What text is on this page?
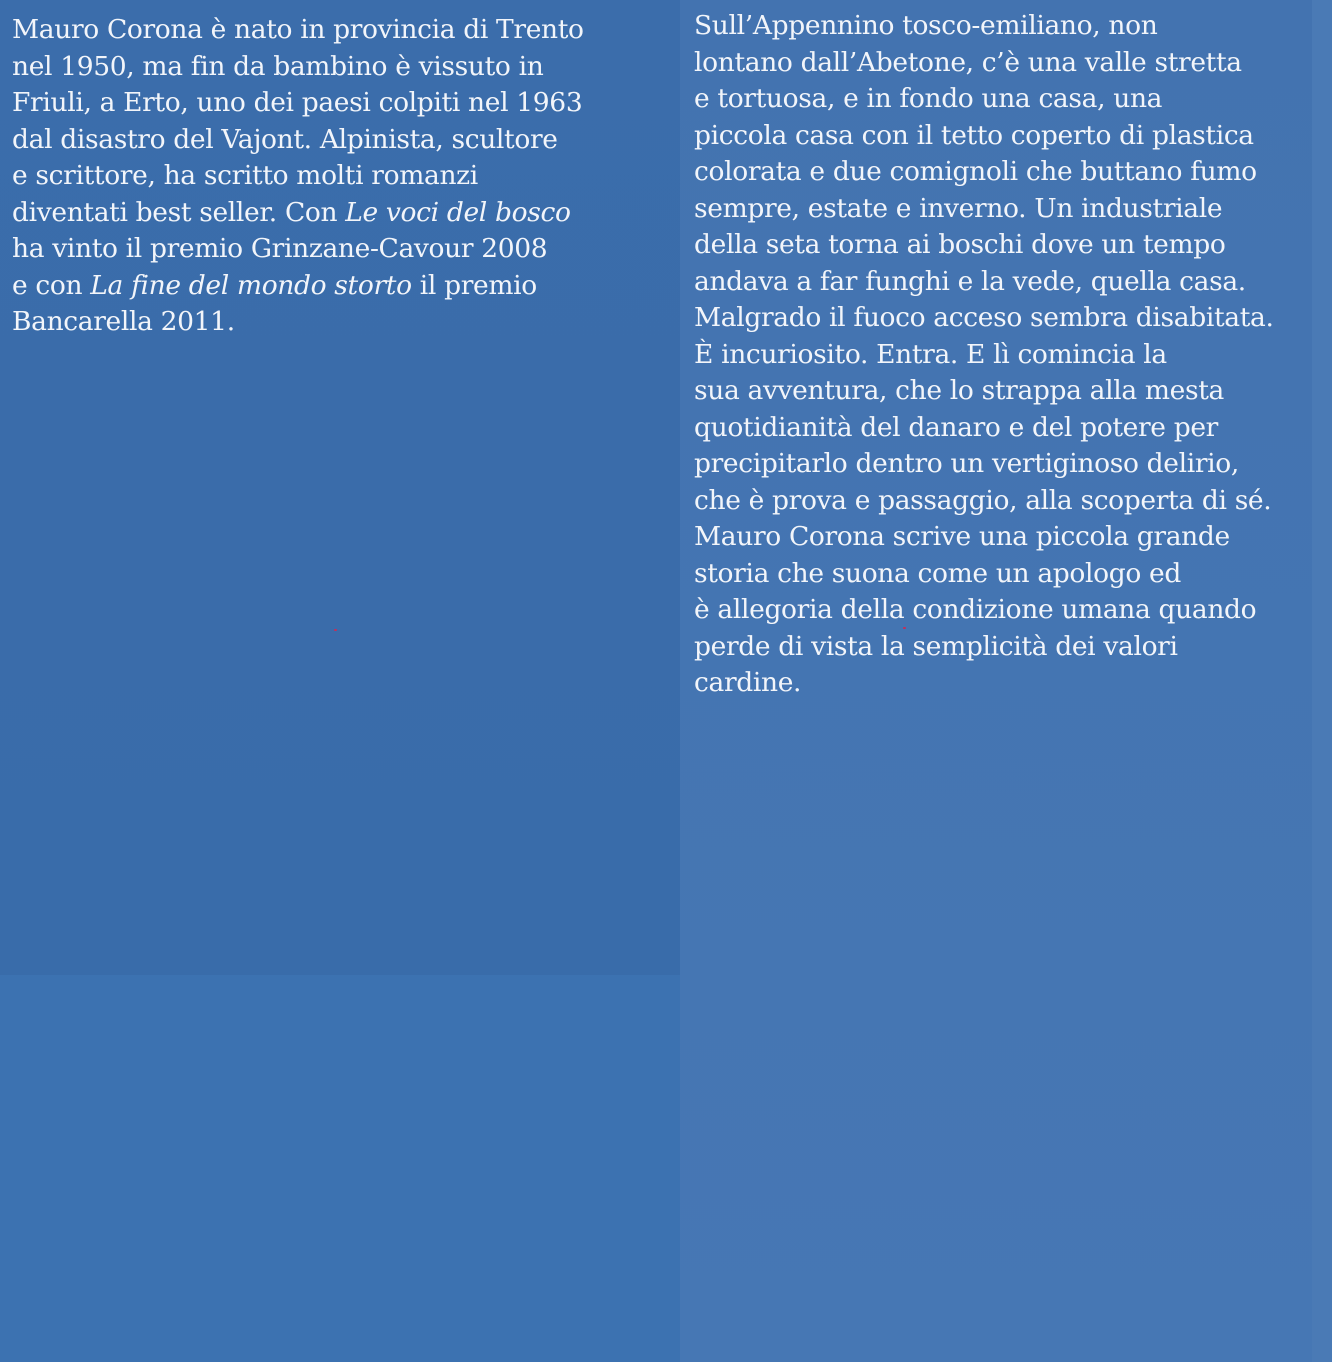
Mauro Corona è nato in provincia di Trento
nel 1950, ma fin da bambino è vissuto in
Friuli, a Erto, uno dei paesi colpiti nel 1963
dal disastro del Vajont. Alpinista, scultore
e scrittore, ha scritto molti romanzi
diventati best seller. Con Le voci del bosco
ha vinto il premio Grinzane-Cavour 2008
e con La fine del mondo storto il premio
Bancarella 2011.
Sull’Appennino tosco-emiliano, non
lontano dall’Abetone, c’è una valle stretta
e tortuosa, e in fondo una casa, una
piccola casa con il tetto coperto di plastica
colorata e due comignoli che buttano fumo
sempre, estate e inverno. Un industriale
della seta torna ai boschi dove un tempo
andava a far funghi e la vede, quella casa.
Malgrado il fuoco acceso sembra disabitata.
È incuriosito. Entra. E lì comincia la
sua avventura, che lo strappa alla mesta
quotidianità del danaro e del potere per
precipitarlo dentro un vertiginoso delirio,
che è prova e passaggio, alla scoperta di sé.
Mauro Corona scrive una piccola grande
storia che suona come un apologo ed
è allegoria della condizione umana quando
perde di vista la semplicità dei valori
cardine.
